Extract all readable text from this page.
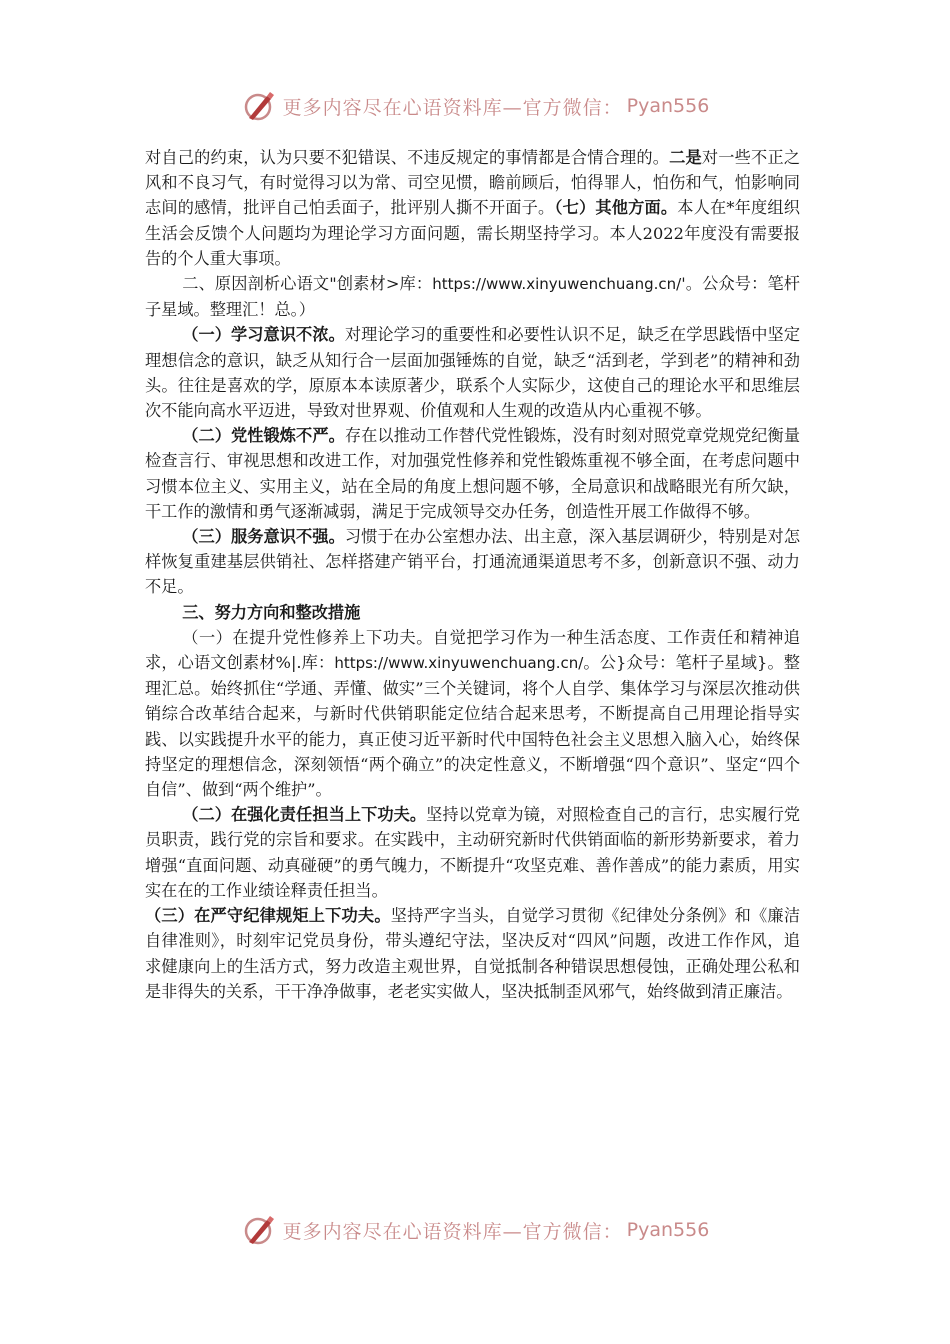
更多内容尽在心语资料库—官方微信： Pyan556

对自己的约束，认为只要不犯错误、不违反规定的事情都是合情合理的。二是对一些不正之风和不良习气，有时觉得习以为常、司空见惯，瞻前顾后，怕得罪人，怕伤和气，怕影响同志间的感情，批评自己怕丢面子，批评别人撕不开面子。（七）其他方面。本人在*年度组织生活会反馈个人问题均为理论学习方面问题，需长期坚持学习。本人2022年度没有需要报告的个人重大事项。

二、原因剖析心语文"创素材>库：https://www.xinyuwenchuang.cn/'。公众号：笔杆子星域。整理汇！总。）

（一）学习意识不浓。对理论学习的重要性和必要性认识不足，缺乏在学思践悟中坚定理想信念的意识，缺乏从知行合一层面加强锤炼的自觉，缺乏“活到老，学到老”的精神和劲头。往往是喜欢的学，原原本本读原著少，联系个人实际少，这使自己的理论水平和思维层次不能向高水平迈进，导致对世界观、价值观和人生观的改造从内心重视不够。

（二）党性锻炼不严。存在以推动工作替代党性锻炼，没有时刻对照党章党规党纪衡量检查言行、审视思想和改进工作，对加强党性修养和党性锻炼重视不够全面，在考虑问题中习惯本位主义、实用主义，站在全局的角度上想问题不够，全局意识和战略眼光有所欠缺，干工作的激情和勇气逐渐减弱，满足于完成领导交办任务，创造性开展工作做得不够。

（三）服务意识不强。习惯于在办公室想办法、出主意，深入基层调研少，特别是对怎样恢复重建基层供销社、怎样搭建产销平台，打通流通渠道思考不多，创新意识不强、动力不足。

三、努力方向和整改措施

（一）在提升党性修养上下功夫。自觉把学习作为一种生活态度、工作责任和精神追求，心语文创素材%|.库：https://www.xinyuwenchuang.cn/。公}众号：笔杆子星域}。整理汇总。始终抓住“学通、弄懂、做实”三个关键词，将个人自学、集体学习与深层次推动供销综合改革结合起来，与新时代供销职能定位结合起来思考，不断提高自己用理论指导实践、以实践提升水平的能力，真正使习近平新时代中国特色社会主义思想入脑入心，始终保持坚定的理想信念，深刻领悟“两个确立”的决定性意义，不断增强“四个意识”、坚定“四个自信”、做到“两个维护”。

（二）在强化责任担当上下功夫。坚持以党章为镜，对照检查自己的言行，忠实履行党员职责，践行党的宗旨和要求。在实践中，主动研究新时代供销面临的新形势新要求，着力增强“直面问题、动真碰硬”的勇气魄力，不断提升“攻坚克难、善作善成”的能力素质，用实实在在的工作业绩诠释责任担当。

（三）在严守纪律规矩上下功夫。坚持严字当头，自觉学习贯彻《纪律处分条例》和《廉洁自律准则》，时刻牢记党员身份，带头遵纪守法，坚决反对“四风”问题，改进工作作风，追求健康向上的生活方式，努力改造主观世界，自觉抵制各种错误思想侵蚀，正确处理公私和是非得失的关系，干干净净做事，老老实实做人，坚决抵制歪风邪气，始终做到清正廉洁。

更多内容尽在心语资料库—官方微信： Pyan556
